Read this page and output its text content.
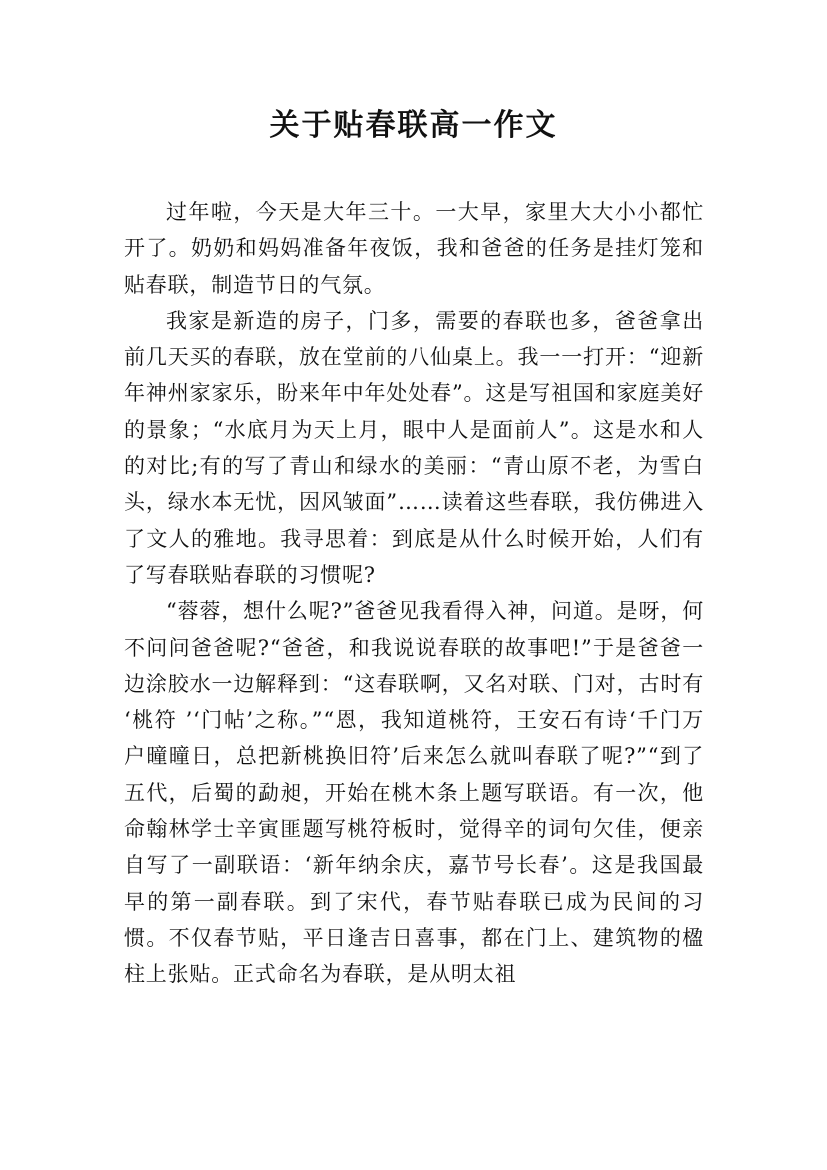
关于贴春联高一作文

过年啦，今天是大年三十。一大早，家里大大小小都忙开了。奶奶和妈妈准备年夜饭，我和爸爸的任务是挂灯笼和贴春联，制造节日的气氛。

我家是新造的房子，门多，需要的春联也多，爸爸拿出前几天买的春联，放在堂前的八仙桌上。我一一打开：“迎新年神州家家乐，盼来年中年处处春”。这是写祖国和家庭美好的景象；“水底月为天上月，眼中人是面前人”。这是水和人的对比;有的写了青山和绿水的美丽：“青山原不老，为雪白头，绿水本无忧，因风皱面”……读着这些春联，我仿佛进入了文人的雅地。我寻思着：到底是从什么时候开始，人们有了写春联贴春联的习惯呢?

“蓉蓉，想什么呢?”爸爸见我看得入神，问道。是呀，何不问问爸爸呢?“爸爸，和我说说春联的故事吧!”于是爸爸一边涂胶水一边解释到：“这春联啊，又名对联、门对，古时有 ‘桃符 ’‘门帖’之称。”“恩，我知道桃符，王安石有诗‘千门万户曈曈日，总把新桃换旧符’后来怎么就叫春联了呢?”“到了五代，后蜀的勐昶，开始在桃木条上题写联语。有一次，他命翰林学士辛寅匪题写桃符板时，觉得辛的词句欠佳，便亲自写了一副联语：‘新年纳余庆，嘉节号长春’。这是我国最早的第一副春联。到了宋代，春节贴春联已成为民间的习惯。不仅春节贴，平日逢吉日喜事，都在门上、建筑物的楹柱上张贴。正式命名为春联，是从明太祖
